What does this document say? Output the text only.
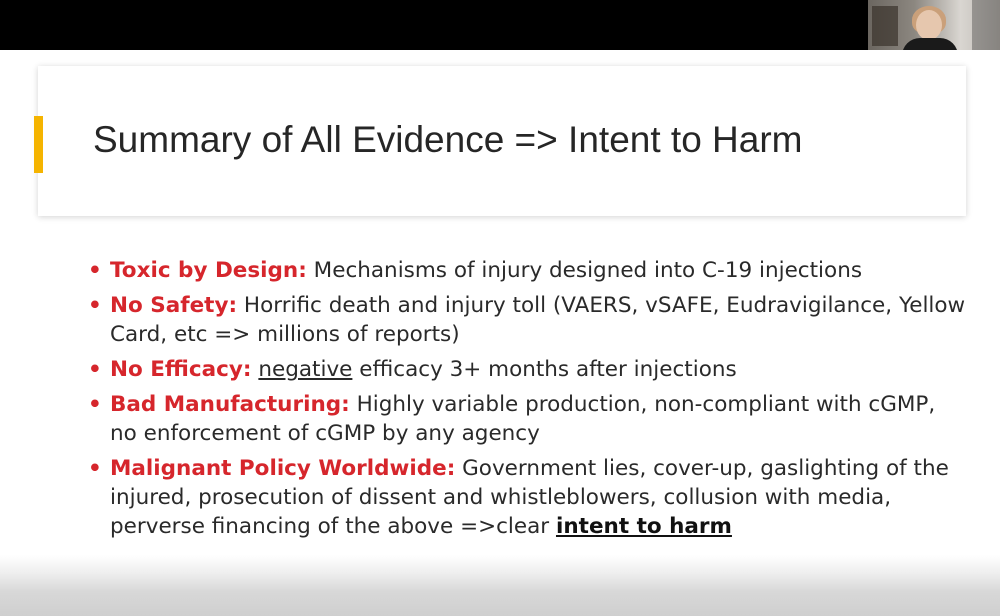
Summary of All Evidence => Intent to Harm
• Toxic by Design: Mechanisms of injury designed into C-19 injections
• No Safety: Horrific death and injury toll (VAERS, vSAFE, Eudravigilance, Yellow Card, etc => millions of reports)
• No Efficacy: negative efficacy 3+ months after injections
• Bad Manufacturing: Highly variable production, non-compliant with cGMP, no enforcement of cGMP by any agency
• Malignant Policy Worldwide: Government lies, cover-up, gaslighting of the injured, prosecution of dissent and whistleblowers, collusion with media, perverse financing of the above =>clear intent to harm
